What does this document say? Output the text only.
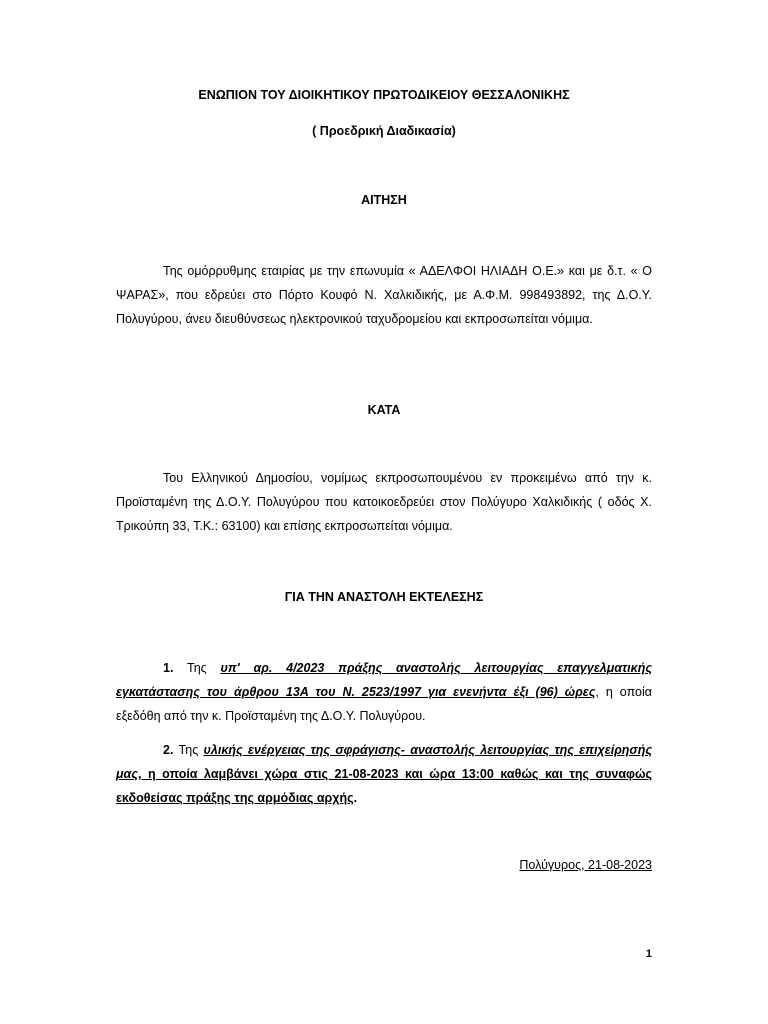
ΕΝΩΠΙΟΝ ΤΟΥ ΔΙΟΙΚΗΤΙΚΟΥ ΠΡΩΤΟΔΙΚΕΙΟΥ ΘΕΣΣΑΛΟΝΙΚΗΣ
( Προεδρική Διαδικασία)
ΑΙΤΗΣΗ
Της ομόρρυθμης εταιρίας με την επωνυμία « ΑΔΕΛΦΟΙ ΗΛΙΑΔΗ Ο.Ε.» και με δ.τ. « Ο ΨΑΡΑΣ», που εδρεύει στο Πόρτο Κουφό Ν. Χαλκιδικής, με Α.Φ.Μ. 998493892, της Δ.Ο.Υ. Πολυγύρου, άνευ διευθύνσεως ηλεκτρονικού ταχυδρομείου και εκπροσωπείται νόμιμα.
ΚΑΤΑ
Του Ελληνικού Δημοσίου, νομίμως εκπροσωπουμένου εν προκειμένω από την κ. Προϊσταμένη της Δ.Ο.Υ. Πολυγύρου που κατοικοεδρεύει στον Πολύγυρο Χαλκιδικής ( οδός Χ. Τρικούπη 33, Τ.Κ.: 63100) και επίσης εκπροσωπείται νόμιμα.
ΓΙΑ ΤΗΝ ΑΝΑΣΤΟΛΗ ΕΚΤΕΛΕΣΗΣ
1. Της υπ' αρ. 4/2023 πράξης αναστολής λειτουργίας επαγγελματικής εγκατάστασης του άρθρου 13Α του Ν. 2523/1997 για ενενήντα έξι (96) ώρες, η οποία εξεδόθη από την κ. Προϊσταμένη της Δ.Ο.Υ. Πολυγύρου.
2. Της υλικής ενέργειας της σφράγισης- αναστολής λειτουργίας της επιχείρησής μας, η οποία λαμβάνει χώρα στις 21-08-2023 και ώρα 13:00 καθώς και της συναφώς εκδοθείσας πράξης της αρμόδιας αρχής.
Πολύγυρος, 21-08-2023
1
